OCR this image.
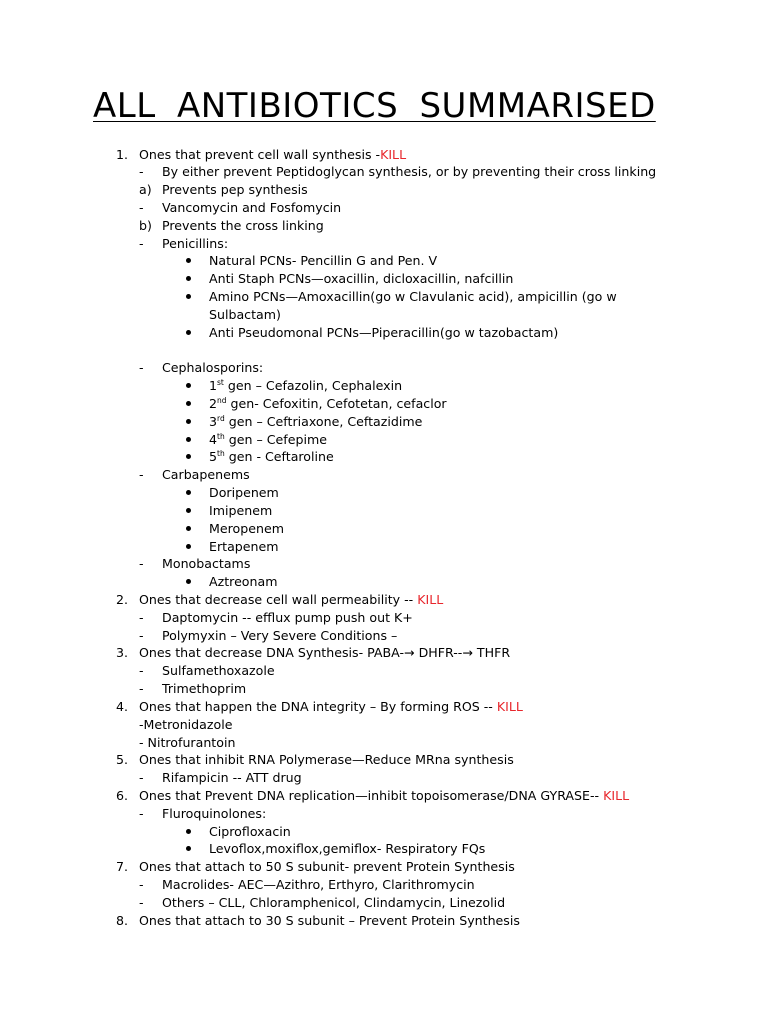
ALL ANTIBIOTICS SUMMARISED
1. Ones that prevent cell wall synthesis -KILL
- By either prevent Peptidoglycan synthesis, or by preventing their cross linking
a) Prevents pep synthesis
- Vancomycin and Fosfomycin
b) Prevents the cross linking
- Penicillins:
Natural PCNs- Pencillin G and Pen. V
Anti Staph PCNs—oxacillin, dicloxacillin, nafcillin
Amino PCNs—Amoxacillin(go w Clavulanic acid), ampicillin (go w
Sulbactam)
Anti Pseudomonal PCNs—Piperacillin(go w tazobactam)
- Cephalosporins:
1st gen – Cefazolin, Cephalexin
2nd gen- Cefoxitin, Cefotetan, cefaclor
3rd gen – Ceftriaxone, Ceftazidime
4th gen – Cefepime
5th gen - Ceftaroline
- Carbapenems
Doripenem
Imipenem
Meropenem
Ertapenem
- Monobactams
Aztreonam
2. Ones that decrease cell wall permeability -- KILL
- Daptomycin -- efflux pump push out K+
- Polymyxin – Very Severe Conditions –
3. Ones that decrease DNA Synthesis- PABA-→ DHFR--→ THFR
- Sulfamethoxazole
- Trimethoprim
4. Ones that happen the DNA integrity – By forming ROS -- KILL
-Metronidazole
- Nitrofurantoin
5. Ones that inhibit RNA Polymerase—Reduce MRna synthesis
- Rifampicin -- ATT drug
6. Ones that Prevent DNA replication—inhibit topoisomerase/DNA GYRASE-- KILL
- Fluroquinolones:
Ciprofloxacin
Levoflox,moxiflox,gemiflox- Respiratory FQs
7. Ones that attach to 50 S subunit- prevent Protein Synthesis
- Macrolides- AEC—Azithro, Erthyro, Clarithromycin
- Others – CLL, Chloramphenicol, Clindamycin, Linezolid
8. Ones that attach to 30 S subunit – Prevent Protein Synthesis
